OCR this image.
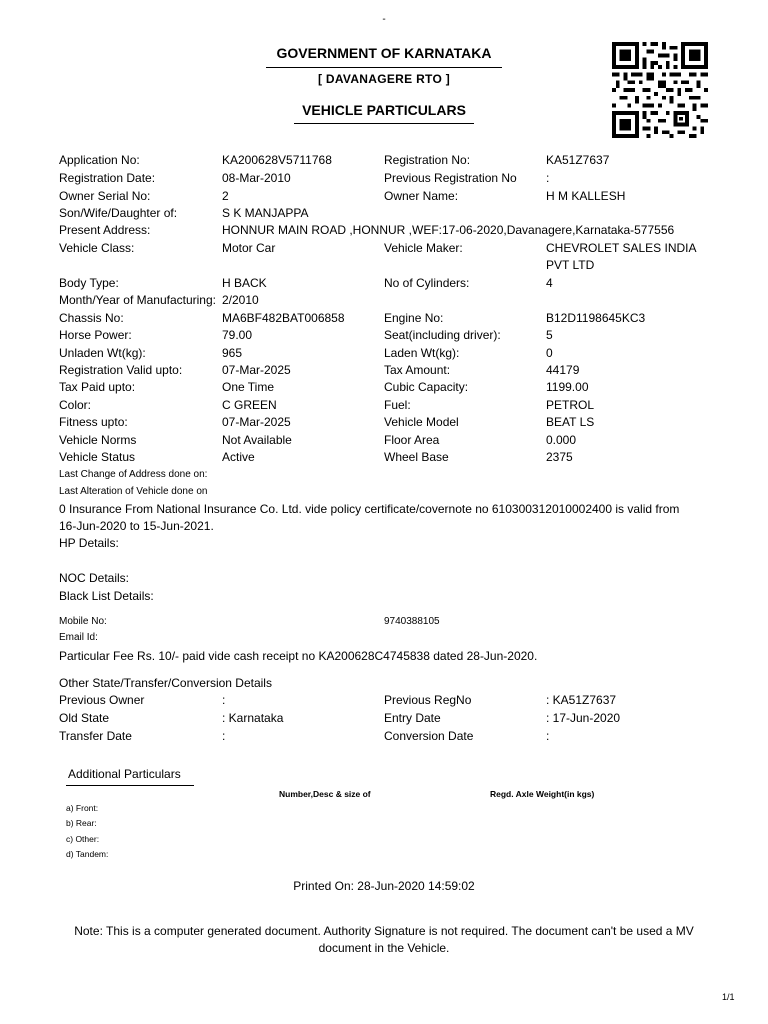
-
GOVERNMENT OF KARNATAKA
[ DAVANAGERE RTO ]
VEHICLE PARTICULARS
Application No:	KA200628V5711768	Registration No:	KA51Z7637
Registration Date:	08-Mar-2010	Previous Registration No :
Owner Serial No:	2	Owner Name:	H M KALLESH
Son/Wife/Daughter of:	S K MANJAPPA
Present Address:	HONNUR MAIN ROAD ,HONNUR ,WEF:17-06-2020,Davanagere,Karnataka-577556
Vehicle Class:	Motor Car	Vehicle Maker:	CHEVROLET SALES INDIA
PVT LTD
Body Type:	H BACK	No of Cylinders:	4
Month/Year of Manufacturing: 2/2010
Chassis No:	MA6BF482BAT006858	Engine No:	B12D1198645KC3
Horse Power:	79.00	Seat(including driver):	5
Unladen Wt(kg):	965	Laden Wt(kg):	0
Registration Valid upto:	07-Mar-2025	Tax Amount:	44179
Tax Paid upto:	One Time	Cubic Capacity:	1199.00
Color:	C GREEN	Fuel:	PETROL
Fitness upto:	07-Mar-2025	Vehicle Model	BEAT LS
Vehicle Norms	Not Available	Floor Area	0.000
Vehicle Status	Active	Wheel Base	2375
Last Change of Address done on:
Last Alteration of Vehicle done on
0 Insurance From National Insurance Co. Ltd. vide policy certificate/covernote no 610300312010002400 is valid from
16-Jun-2020 to 15-Jun-2021.
HP Details:
NOC Details:
Black List Details:
Mobile No:	9740388105
Email Id:
Particular Fee Rs. 10/- paid vide cash receipt no KA200628C4745838 dated 28-Jun-2020.
Other State/Transfer/Conversion Details
Previous Owner	:	Previous RegNo	: KA51Z7637
Old State	: Karnataka	Entry Date	: 17-Jun-2020
Transfer Date	:	Conversion Date	:
Additional Particulars
Number,Desc & size of	Regd. Axle Weight(in kgs)
a) Front:
b) Rear:
c) Other:
d) Tandem:
Printed On: 28-Jun-2020 14:59:02
Note: This is a computer generated document. Authority Signature is not required. The document can't be used a MV
document in the Vehicle.
1/1
